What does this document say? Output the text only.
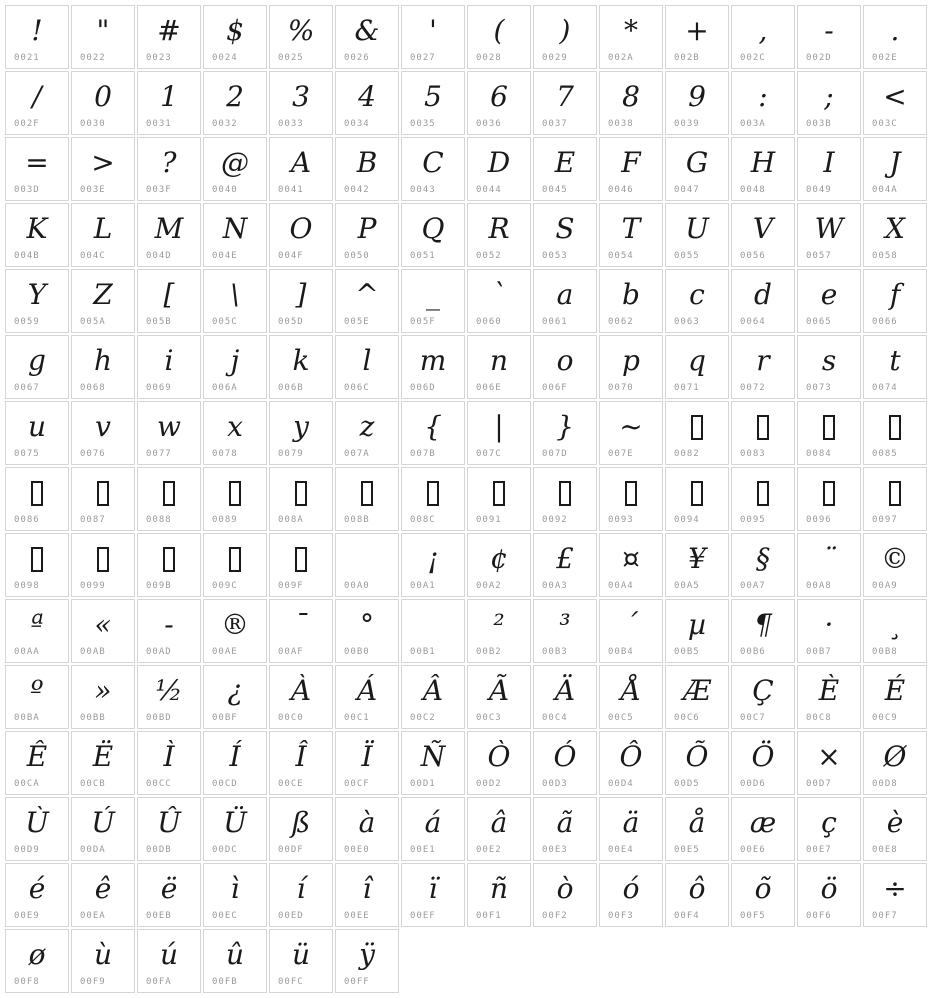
!
0021
"
0022
#
0023
$
0024
%
0025
&
0026
'
0027
(
0028
)
0029
*
002A
+
002B
,
002C
-
002D
.
002E
/
002F
0
0030
1
0031
2
0032
3
0033
4
0034
5
0035
6
0036
7
0037
8
0038
9
0039
:
003A
;
003B
<
003C
=
003D
>
003E
?
003F
@
0040
A
0041
B
0042
C
0043
D
0044
E
0045
F
0046
G
0047
H
0048
I
0049
J
004A
K
004B
L
004C
M
004D
N
004E
O
004F
P
0050
Q
0051
R
0052
S
0053
T
0054
U
0055
V
0056
W
0057
X
0058
Y
0059
Z
005A
[
005B
\
005C
]
005D
^
005E
_
005F
`
0060
a
0061
b
0062
c
0063
d
0064
e
0065
f
0066
g
0067
h
0068
i
0069
j
006A
k
006B
l
006C
m
006D
n
006E
o
006F
p
0070
q
0071
r
0072
s
0073
t
0074
u
0075
v
0076
w
0077
x
0078
y
0079
z
007A
{
007B
|
007C
}
007D
~
007E	0082	0083	0084	0085
0086	0087	0088	0089	008A	008B	008C	0091	0092	0093	0094	0095	0096	0097
0098	0099	009B	009C	009F	00A0
¡
00A1
¢
00A2
£
00A3
¤
00A4
¥
00A5
§
00A7
¨
00A8
©
00A9
ª
00AA
«
00AB
-
00AD
®
00AE
¯
00AF
°
00B0	00B1
²
00B2
³
00B3
´
00B4
µ
00B5
¶
00B6
·
00B7
¸
00B8
º
00BA
»
00BB
½
00BD
¿
00BF
À
00C0
Á
00C1
Â
00C2
Ã
00C3
Ä
00C4
Å
00C5
Æ
00C6
Ç
00C7
È
00C8
É
00C9
Ê
00CA
Ë
00CB
Ì
00CC
Í
00CD
Î
00CE
Ï
00CF
Ñ
00D1
Ò
00D2
Ó
00D3
Ô
00D4
Õ
00D5
Ö
00D6
×
00D7
Ø
00D8
Ù
00D9
Ú
00DA
Û
00DB
Ü
00DC
ß
00DF
à
00E0
á
00E1
â
00E2
ã
00E3
ä
00E4
å
00E5
æ
00E6
ç
00E7
è
00E8
é
00E9
ê
00EA
ë
00EB
ì
00EC
í
00ED
î
00EE
ï
00EF
ñ
00F1
ò
00F2
ó
00F3
ô
00F4
õ
00F5
ö
00F6
÷
00F7
ø
00F8
ù
00F9
ú
00FA
û
00FB
ü
00FC
ÿ
00FF
